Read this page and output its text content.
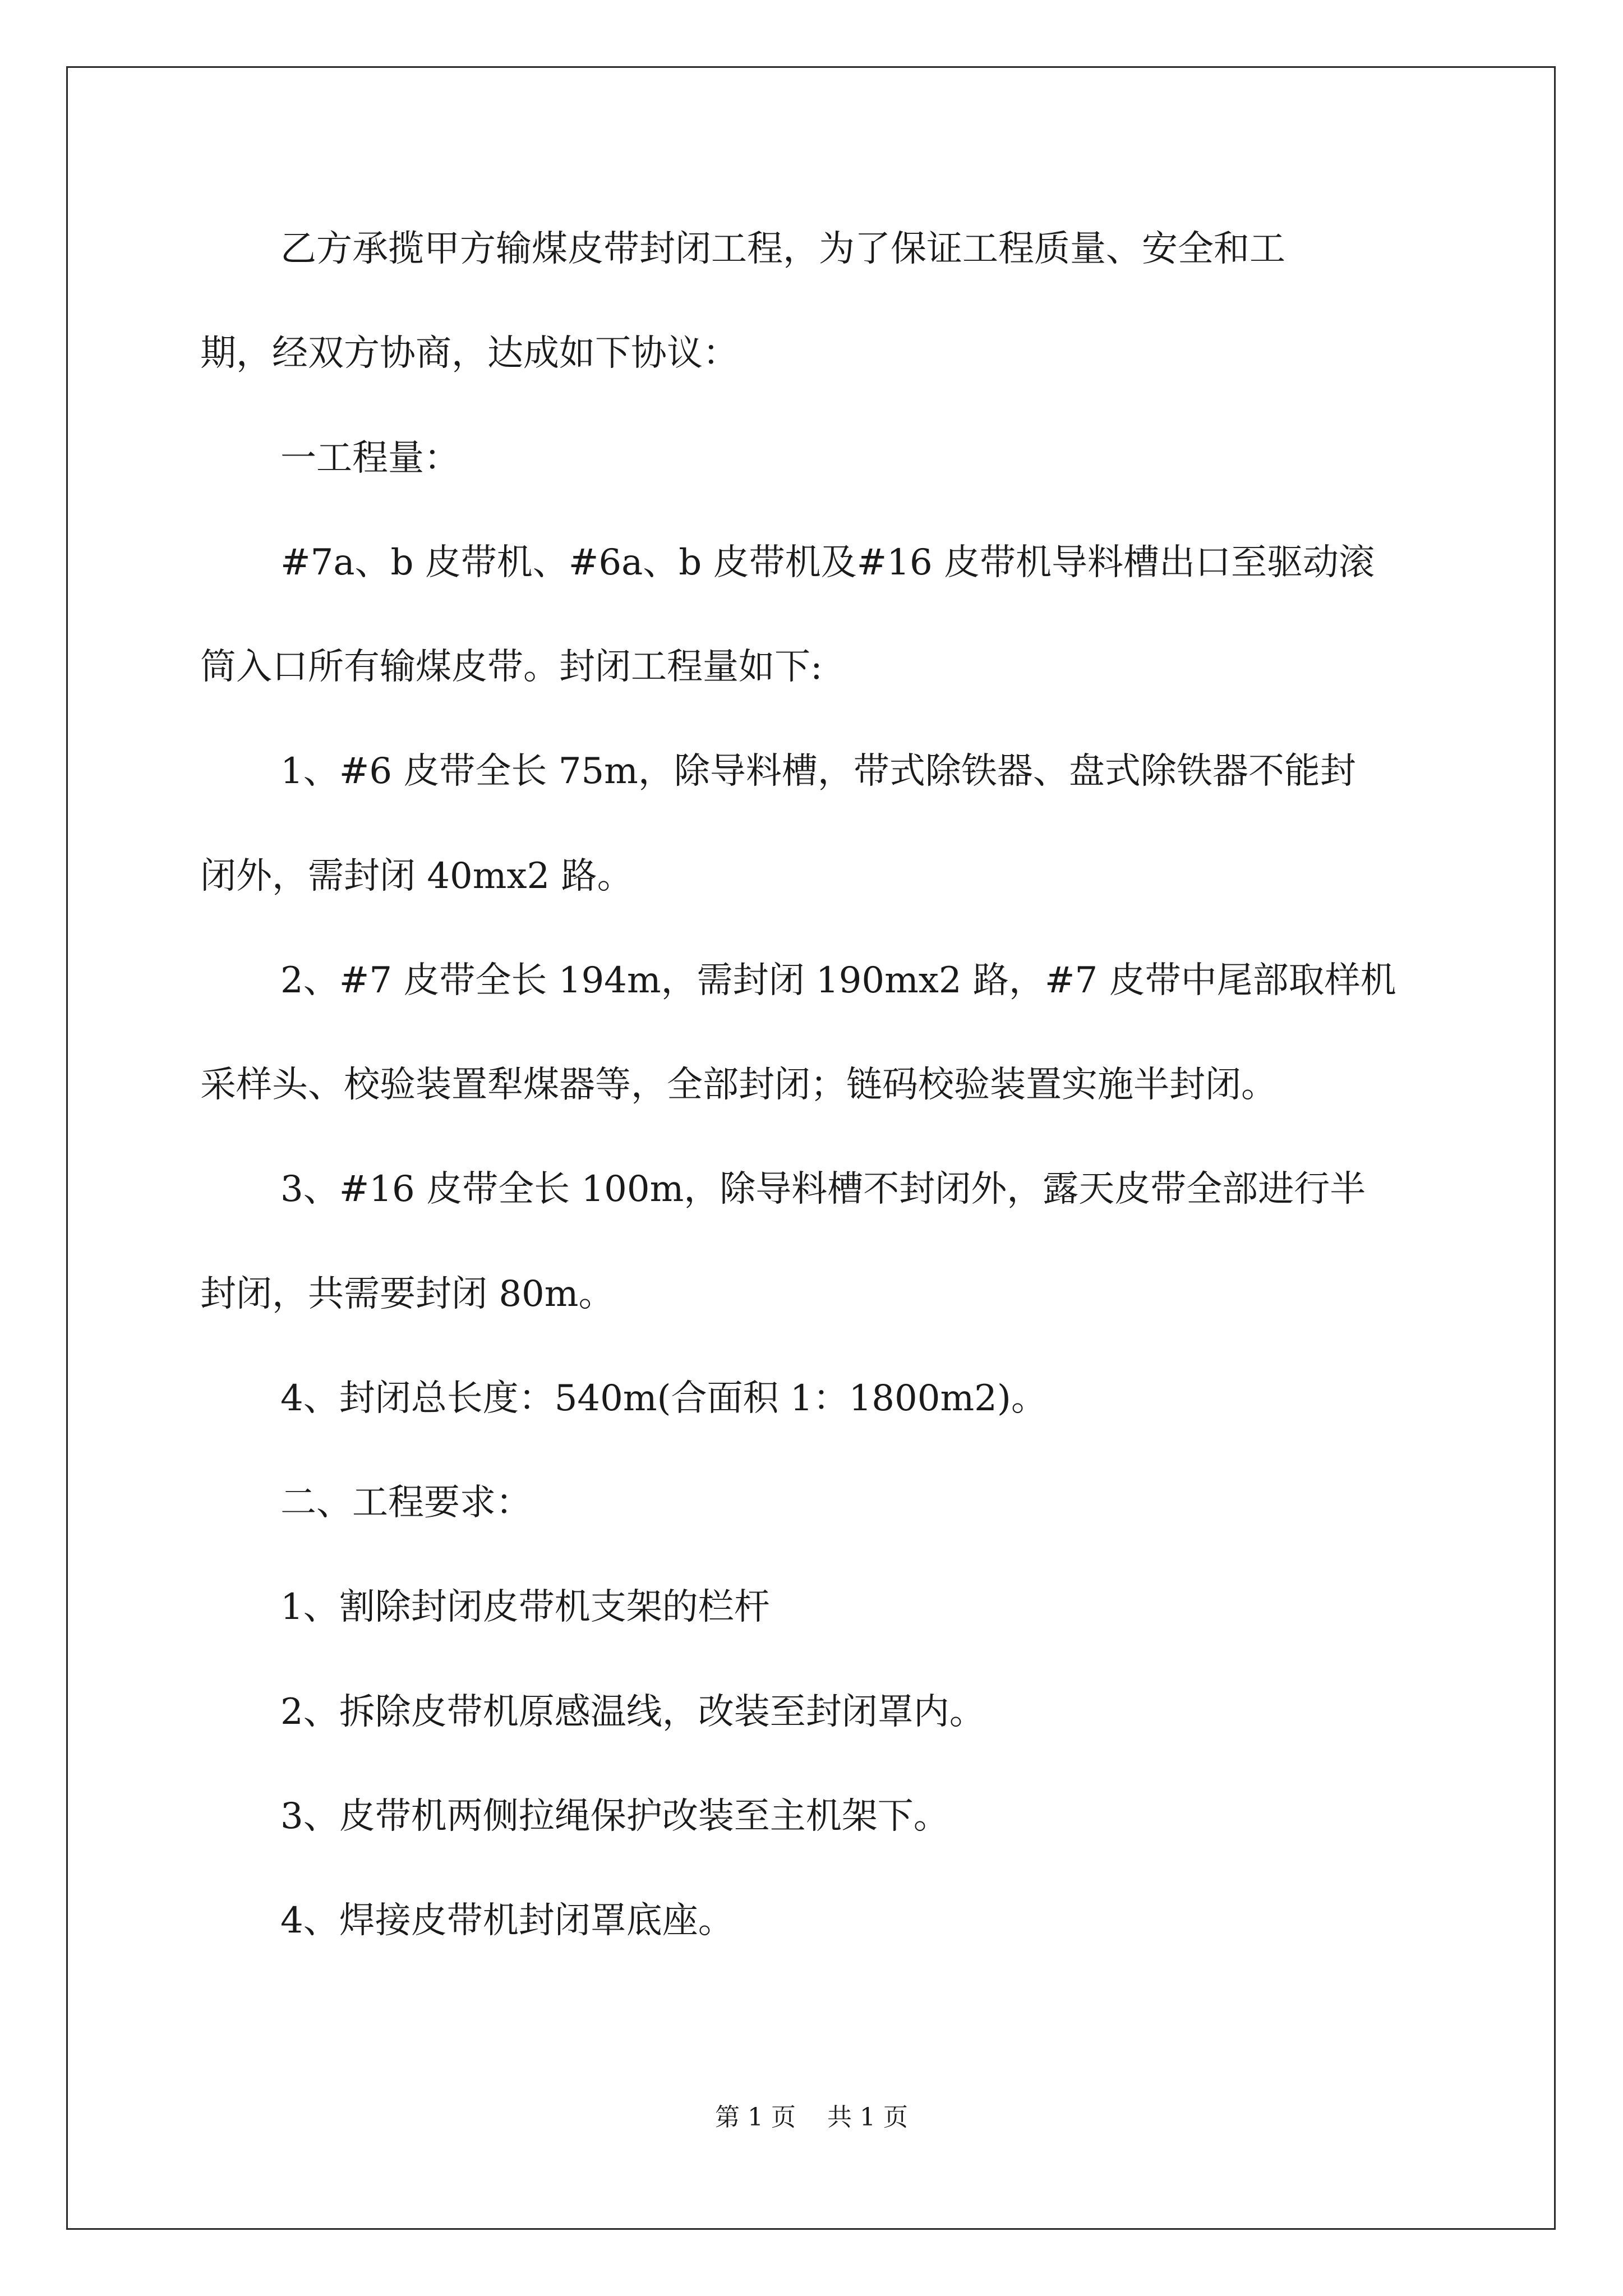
乙方承揽甲方输煤皮带封闭工程，为了保证工程质量、安全和工
期，经双方协商，达成如下协议：
一工程量：
#7a、b 皮带机、#6a、b 皮带机及#16 皮带机导料槽出口至驱动滚
筒入口所有输煤皮带。封闭工程量如下:
1、#6 皮带全长 75m，除导料槽，带式除铁器、盘式除铁器不能封
闭外，需封闭 40mx2 路。
2、#7 皮带全长 194m，需封闭 190mx2 路，#7 皮带中尾部取样机
采样头、校验装置犁煤器等，全部封闭；链码校验装置实施半封闭。
3、#16 皮带全长 100m，除导料槽不封闭外，露天皮带全部进行半
封闭，共需要封闭 80m。
4、封闭总长度：540m(合面积 1：1800m2)。
二、工程要求：
1、割除封闭皮带机支架的栏杆
2、拆除皮带机原感温线，改装至封闭罩内。
3、皮带机两侧拉绳保护改装至主机架下。
4、焊接皮带机封闭罩底座。
第 1 页 共 1 页
